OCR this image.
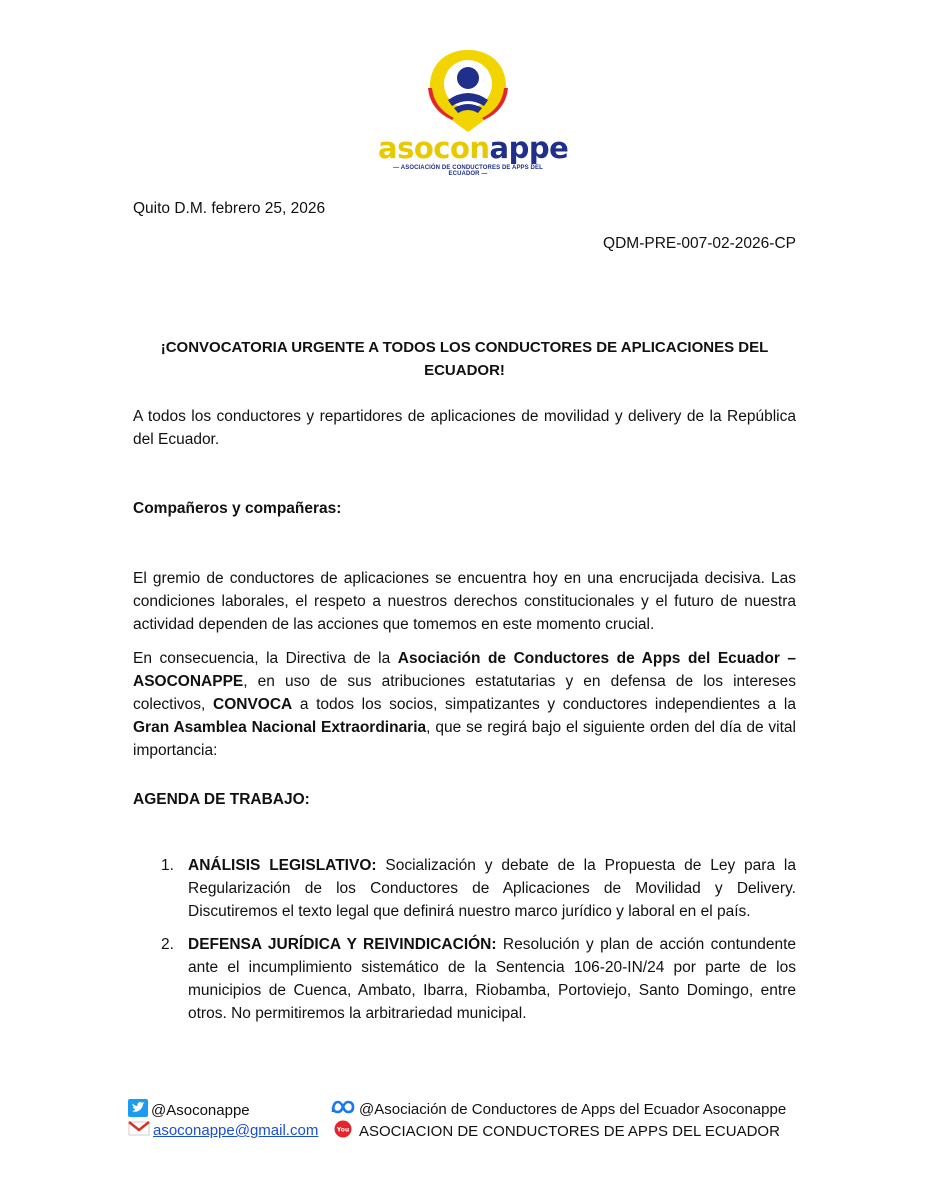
asoconappe
— ASOCIACIÓN DE CONDUCTORES DE APPS DEL ECUADOR —
Quito D.M. febrero 25, 2026
QDM-PRE-007-02-2026-CP
¡CONVOCATORIA URGENTE A TODOS LOS CONDUCTORES DE APLICACIONES DEL ECUADOR!
A todos los conductores y repartidores de aplicaciones de movilidad y delivery de la República del Ecuador.
Compañeros y compañeras:
El gremio de conductores de aplicaciones se encuentra hoy en una encrucijada decisiva. Las condiciones laborales, el respeto a nuestros derechos constitucionales y el futuro de nuestra actividad dependen de las acciones que tomemos en este momento crucial.
En consecuencia, la Directiva de la Asociación de Conductores de Apps del Ecuador – ASOCONAPPE, en uso de sus atribuciones estatutarias y en defensa de los intereses colectivos, CONVOCA a todos los socios, simpatizantes y conductores independientes a la Gran Asamblea Nacional Extraordinaria, que se regirá bajo el siguiente orden del día de vital importancia:
AGENDA DE TRABAJO:
1. ANÁLISIS LEGISLATIVO: Socialización y debate de la Propuesta de Ley para la Regularización de los Conductores de Aplicaciones de Movilidad y Delivery. Discutiremos el texto legal que definirá nuestro marco jurídico y laboral en el país.
2. DEFENSA JURÍDICA Y REIVINDICACIÓN: Resolución y plan de acción contundente ante el incumplimiento sistemático de la Sentencia 106-20-IN/24 por parte de los municipios de Cuenca, Ambato, Ibarra, Riobamba, Portoviejo, Santo Domingo, entre otros. No permitiremos la arbitrariedad municipal.
@Asoconappe	@Asociación de Conductores de Apps del Ecuador Asoconappe
asoconappe@gmail.com	You ASOCIACION DE CONDUCTORES DE APPS DEL ECUADOR
